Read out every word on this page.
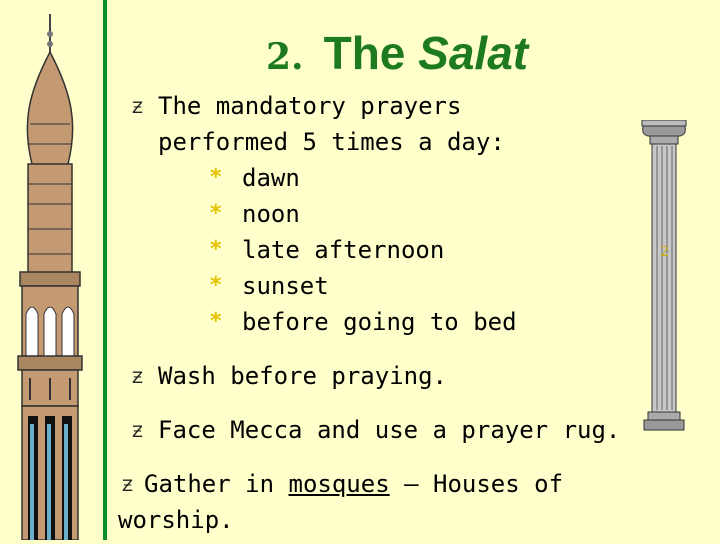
2
2. The Salat
Ƶ The mandatory prayers
performed 5 times a day:
* dawn
* noon
* late afternoon
* sunset
* before going to bed
Ƶ Wash before praying.
Ƶ Face Mecca and use a prayer rug.
Ƶ Gather in mosques – Houses of
worship.
